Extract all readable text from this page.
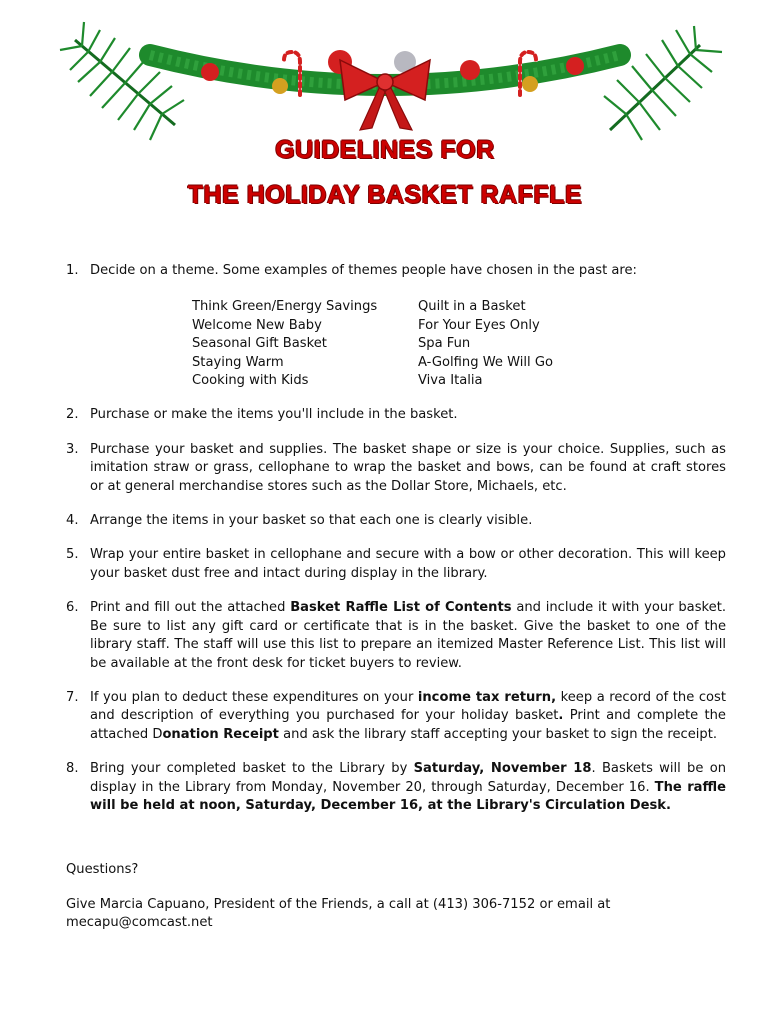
GUIDELINES FOR
THE HOLIDAY BASKET RAFFLE
1. Decide on a theme. Some examples of themes people have chosen in the past are:
Think Green/Energy Savings
Welcome New Baby
Seasonal Gift Basket
Staying Warm
Cooking with Kids
Quilt in a Basket
For Your Eyes Only
Spa Fun
A-Golfing We Will Go
Viva Italia
2. Purchase or make the items you'll include in the basket.
3. Purchase your basket and supplies. The basket shape or size is your choice. Supplies, such as imitation straw or grass, cellophane to wrap the basket and bows, can be found at craft stores or at general merchandise stores such as the Dollar Store, Michaels, etc.
4. Arrange the items in your basket so that each one is clearly visible.
5. Wrap your entire basket in cellophane and secure with a bow or other decoration. This will keep your basket dust free and intact during display in the library.
6. Print and fill out the attached Basket Raffle List of Contents and include it with your basket. Be sure to list any gift card or certificate that is in the basket. Give the basket to one of the library staff. The staff will use this list to prepare an itemized Master Reference List. This list will be available at the front desk for ticket buyers to review.
7. If you plan to deduct these expenditures on your income tax return, keep a record of the cost and description of everything you purchased for your holiday basket. Print and complete the attached Donation Receipt and ask the library staff accepting your basket to sign the receipt.
8. Bring your completed basket to the Library by Saturday, November 18. Baskets will be on display in the Library from Monday, November 20, through Saturday, December 16. The raffle will be held at noon, Saturday, December 16, at the Library's Circulation Desk.

Questions?

Give Marcia Capuano, President of the Friends, a call at (413) 306-7152 or email at mecapu@comcast.net
